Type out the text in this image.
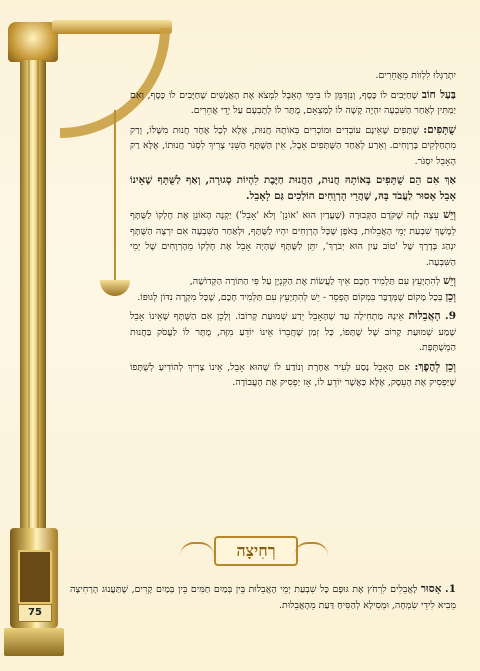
75

יִתְרַגְּלוּ לִלְווֹת מֵאֲחֵרִים.

בַּעַל חוֹב שֶׁחַיָּבִים לוֹ כֶּסֶף, וְנִזְדַּמֵּן לוֹ בִּימֵי הָאֵבֶל לִמְצֹא אֶת הָאֲנָשִׁים שֶׁחַיָּבִים לוֹ כֶּסֶף, וְאִם יַמְתִּין לְאַחַר הַשִּׁבְעָה יִהְיֶה קָשֶׁה לוֹ לְמָצְאָם, מֻתָּר לוֹ לְתָבְעָם עַל יְדֵי אֲחֵרִים.

שֻׁתָּפִים: שֻׁתָּפִים שֶׁאֵינָם עוֹבְדִים וּמוֹכְרִים בְּאוֹתָהּ חֲנוּת, אֶלָּא לְכָל אֶחָד חֲנוּת מִשֶּׁלּוֹ, וְרַק מִתְחַלְּקִים בָּרְוָחִים. וְאֵרַע לְאַחַד הַשֻּׁתָּפִים אֵבֶל, אֵין הַשֻּׁתָּף הַשֵּׁנִי צָרִיךְ לִסְגֹּר חֲנוּתוֹ, אֶלָּא רַק הָאָבֵל יִסְגֹּר.

אַךְ אִם הֵם שֻׁתָּפִים בְּאוֹתָהּ חֲנוּת, הַחֲנוּת חַיֶּבֶת לִהְיוֹת סְגוּרָה, וְאַף לַשֻּׁתָּף שֶׁאֵינוֹ אָבֵל אָסוּר לַעֲבֹד בָּהּ, שֶׁהֲרֵי הָרְוָחִים הוֹלְכִים גַּם לָאָבֵל.

וְיֵשׁ עֵצָה לָזֶה שֶׁקֹּדֶם הַקְּבוּרָה (שֶׁעֲדַיִן הוּא 'אוֹנֵן' וְלֹא 'אָבֵל') יַקְנֶה הָאוֹנֵן אֶת חֶלְקוֹ לַשֻּׁתָּף לְמֶשֶׁךְ שִׁבְעַת יְמֵי הָאֲבֵלוּת, בְּאֹפֶן שֶׁכָּל הָרְוָחִים יִהְיוּ לַשֻּׁתָּף, וּלְאַחַר הַשִּׁבְעָה אִם יִרְצֶה הַשֻּׁתָּף יִנְהַג בְּדֶרֶךְ שֶׁל 'טוֹב עַיִן הוּא יְבֹרָךְ', יִתֵּן לַשֻּׁתָּף שֶׁהָיָה אָבֵל אֶת חֶלְקוֹ מֵהָרְוָחִים שֶׁל יְמֵי הַשִּׁבְעָה.

וְיֵשׁ לְהִתְיָעֵץ עִם תַּלְמִיד חָכָם אֵיךְ לַעֲשׂוֹת אֶת הַקִּנְיָן עַל פִּי הַתּוֹרָה הַקְּדוֹשָׁה,

וְכֵן בְּכָל מָקוֹם שֶׁמְּדֻבָּר בִּמְקוֹם הֶפְסֵד - יֵשׁ לְהִתְיָעֵץ עִם תַּלְמִיד חָכָם, שֶׁכָּל מִקְרֶה נִדּוֹן לְגוּפוֹ.

9. הָאֲבֵלוּת אֵינָהּ מַתְחִילָה עַד שֶׁהָאָבֵל יֵדַע שְׁמוּעַת קְרוֹבוֹ. וְלָכֵן אִם הַשֻּׁתָּף שֶׁאֵינוֹ אָבֵל שָׁמַע שְׁמוּעַת קָרוֹב שֶׁל שֻׁתָּפוֹ, כָּל זְמַן שֶׁחֲבֵרוֹ אֵינוֹ יוֹדֵעַ מִזֶּה, מֻתָּר לוֹ לַעֲסֹק בַּחֲנוּת הַמְשֻׁתֶּפֶת.

וְכֵן לְהֶפֶךְ: אִם הָאָבֵל נָסַע לְעִיר אַחֶרֶת וְנוֹדַע לוֹ שֶׁהוּא אָבֵל, אֵינוֹ צָרִיךְ לְהוֹדִיעַ לְשֻׁתָּפוֹ שֶׁיַּפְסִיק אֶת הָעֵסֶק, אֶלָּא כַּאֲשֶׁר יוֹדֵעַ לוֹ, אָז יַפְסִיק אֶת הָעֲבוֹדָה.

רְחִיצָה
1. אָסוּר לָאֲבֵלִים לִרְחֹץ אֶת גּוּפָם כָּל שִׁבְעַת יְמֵי הָאֲבֵלוּת בֵּין בְּמַיִם חַמִּים בֵּין בְּמַיִם קָרִים, שֶׁתַּעֲנוּג הָרְחִיצָה מֵבִיא לִידֵי שִׂמְחָה, וּמְסִילָא לְהַסִּיחַ דַּעַת מֵהָאֲבֵלוּת.
